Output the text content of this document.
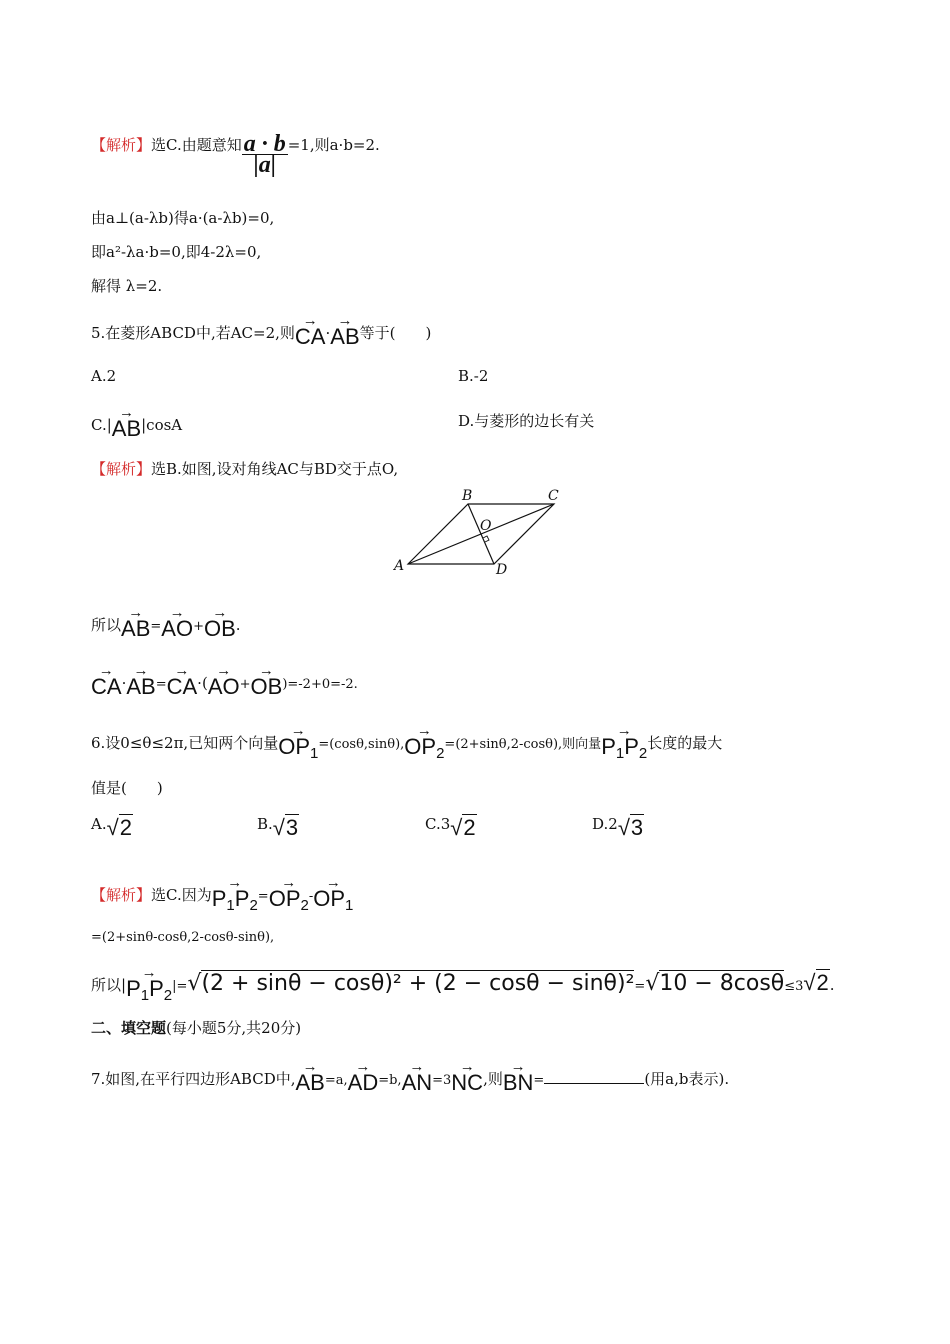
【解析】选C.由题意知 $\frac{a \cdot b}{|a|} =1$,则a·b=2.
由a⊥(a-λb)得a·(a-λb)=0,
即a²-λa·b=0,即4-2λ=0,
解得 λ=2.
5.在菱形ABCD中,若AC=2,则→ CA·→ AB等于(　　)
A.2	B.-2
C.|→ AB|cosA	D.与菱形的边长有关
【解析】选B.如图,设对角线AC与BD交于点O,
A
B	C
D
O
所以→ AB=→ AO+→ OB.
→ CA·→ AB=→ CA·(→ AO+→ OB)=-2+0=-2.
6.设0≤θ≤2π,已知两个向量→ $OP_1=(\cos\theta,\sin\theta),\to OP_2=(2+\sin\theta,2-\cos\theta)$,则向量→ $P_1P_2$长度的最大
值是(　　)
A.√2	B.√3	C.3√2	D.2√3
【解析】选C.因为→ $P_1P_2=\to OP_2-\to OP_1$
=(2+sinθ-cosθ,2-cosθ-sinθ),
所以|→ $P_1P_2|=√(2 + \sin\theta - \cos\theta)^2 + (2 - \cos\theta - \sin\theta)^2=√10 - 8\cos\theta\le 3√2$.
二、填空题(每小题5分,共20分)
7.如图,在平行四边形ABCD中,→ AB=a,→ AD=b,→ AN=3→ NC,则→ BN=	(用a,b表示).
